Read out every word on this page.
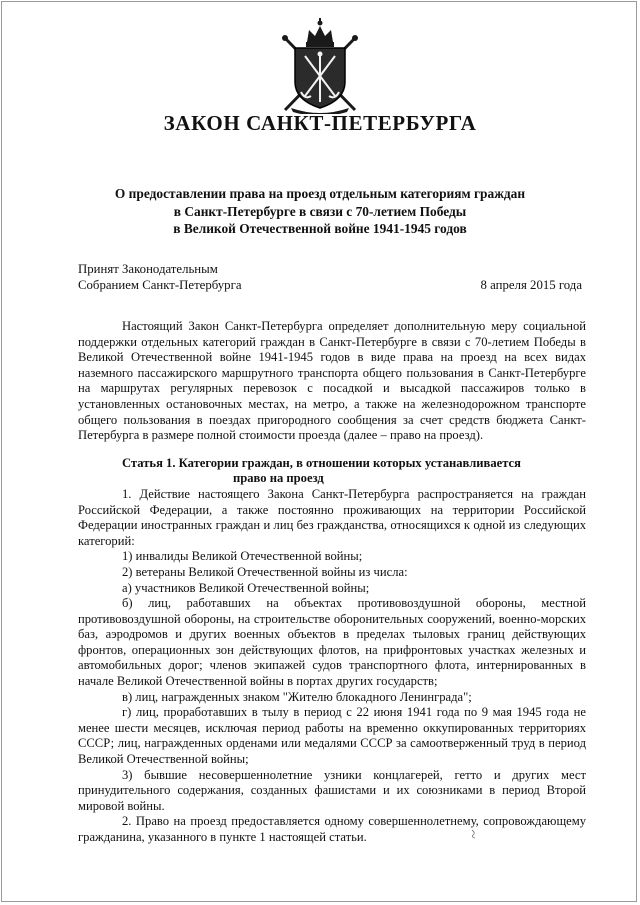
ЗАКОН САНКТ-ПЕТЕРБУРГА
О предоставлении права на проезд отдельным категориям граждан
в Санкт-Петербурге в связи с 70-летием Победы
в Великой Отечественной войне 1941-1945 годов
Принят Законодательным
Собранием Санкт-Петербурга	8 апреля 2015 года

Настоящий Закон Санкт-Петербурга определяет дополнительную меру социальной поддержки отдельных категорий граждан в Санкт-Петербурге в связи с 70-летием Победы в Великой Отечественной войне 1941-1945 годов в виде права на проезд на всех видах наземного пассажирского маршрутного транспорта общего пользования в Санкт-Петербурге на маршрутах регулярных перевозок с посадкой и высадкой пассажиров только в установленных остановочных местах, на метро, а также на железнодорожном транспорте общего пользования в поездах пригородного сообщения за счет средств бюджета Санкт-Петербурга в размере полной стоимости проезда (далее – право на проезд).

Статья 1. Категории граждан, в отношении которых устанавливается
право на проезд

1. Действие настоящего Закона Санкт-Петербурга распространяется на граждан Российской Федерации, а также постоянно проживающих на территории Российской Федерации иностранных граждан и лиц без гражданства, относящихся к одной из следующих категорий:

1) инвалиды Великой Отечественной войны;

2) ветераны Великой Отечественной войны из числа:

а) участников Великой Отечественной войны;

б) лиц, работавших на объектах противовоздушной обороны, местной противовоздушной обороны, на строительстве оборонительных сооружений, военно-морских баз, аэродромов и других военных объектов в пределах тыловых границ действующих фронтов, операционных зон действующих флотов, на прифронтовых участках железных и автомобильных дорог; членов экипажей судов транспортного флота, интернированных в начале Великой Отечественной войны в портах других государств;

в) лиц, награжденных знаком "Жителю блокадного Ленинграда";

г) лиц, проработавших в тылу в период с 22 июня 1941 года по 9 мая 1945 года не менее шести месяцев, исключая период работы на временно оккупированных территориях СССР; лиц, награжденных орденами или медалями СССР за самоотверженный труд в период Великой Отечественной войны;

3) бывшие несовершеннолетние узники концлагерей, гетто и других мест принудительного содержания, созданных фашистами и их союзниками в период Второй мировой войны.

2. Право на проезд предоставляется одному совершеннолетнему, сопровождающему гражданина, указанного в пункте 1 настоящей статьи.
